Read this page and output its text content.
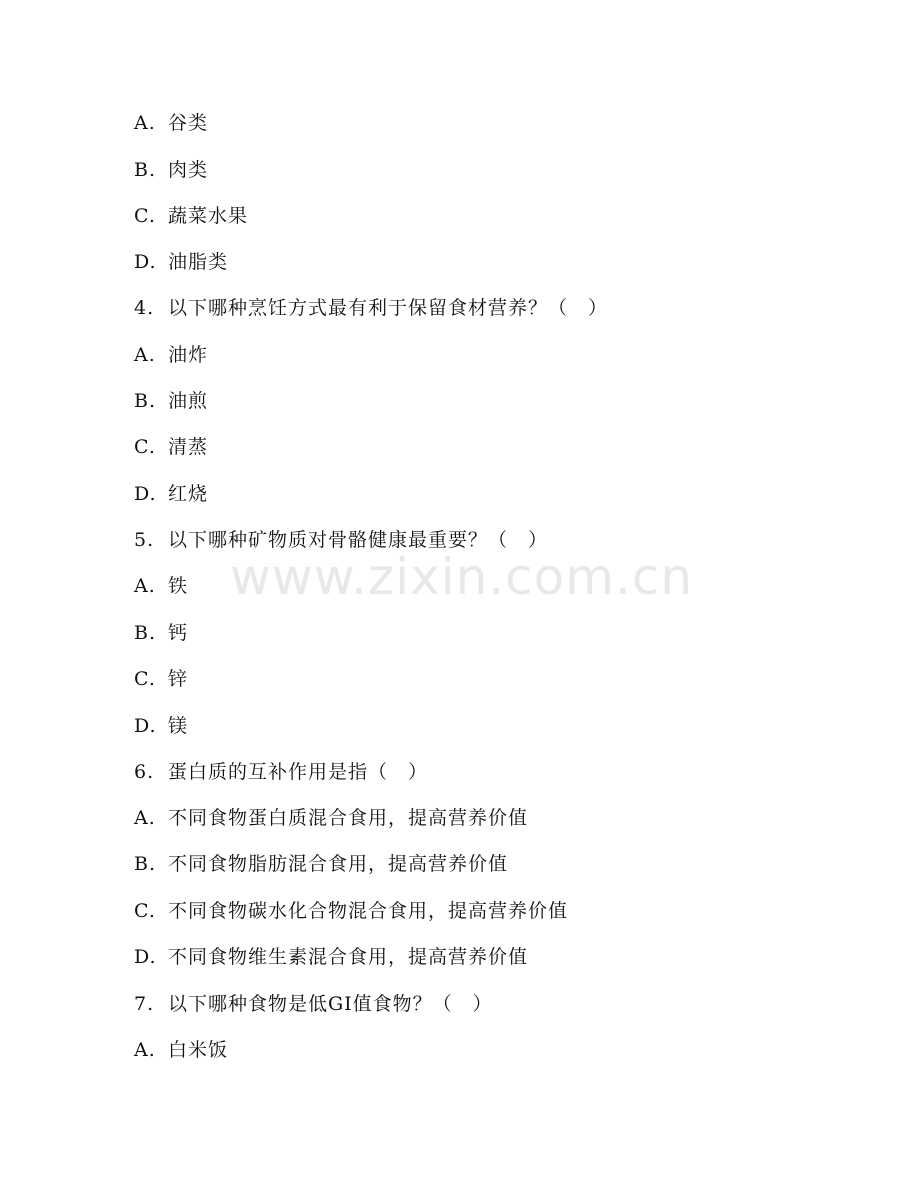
A. 谷类
B. 肉类
C. 蔬菜水果
D. 油脂类
4. 以下哪种烹饪方式最有利于保留食材营养？（　）
A. 油炸
B. 油煎
C. 清蒸
D. 红烧
5. 以下哪种矿物质对骨骼健康最重要？（　）
A. 铁
B. 钙
C. 锌
D. 镁
6. 蛋白质的互补作用是指（　）
A. 不同食物蛋白质混合食用，提高营养价值
B. 不同食物脂肪混合食用，提高营养价值
C. 不同食物碳水化合物混合食用，提高营养价值
D. 不同食物维生素混合食用，提高营养价值
7. 以下哪种食物是低GI值食物？（　）
A. 白米饭
www.zixin.com.cn
